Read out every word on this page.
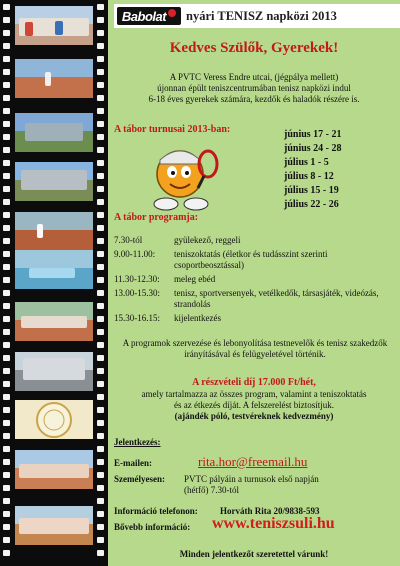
Babolat nyári TENISZ napközi 2013
Kedves Szülők, Gyerekek!
A PVTC Veress Endre utcai, (jégpálya mellett)
újonnan épült teniszcentrumában tenisz napközi indul
6-18 éves gyerekek számára, kezdők és haladók részére is.
A tábor turnusai 2013-ban:	június 17 - 21
június 24 - 28
július 1 - 5
július 8 - 12
július 15 - 19
július 22 - 26
A tábor programja:
7.30-tól	gyülekező, reggeli
9.00-11.00:	teniszoktatás (életkor és tudásszint szerinti csoportbeosztással)
11.30-12.30:	meleg ebéd
13.00-15.30:	tenisz, sportversenyek, vetélkedők, társasjáték, videózás, strandolás
15.30-16.15:	kijelentkezés
A programok szervezése és lebonyolítása testnevelők és tenisz szakedzők irányításával és felügyeletével történik.
A részvételi díj 17.000 Ft/hét,
amely tartalmazza az összes program, valamint a teniszoktatás
és az étkezés díját. A felszerelést biztosítjuk.
(ajándék póló, testvéreknek kedvezmény)
Jelentkezés:
E-mailen:	rita.hor@freemail.hu
Személyesen: PVTC pályáin a turnusok első napján
(hétfő) 7.30-tól
Információ telefonon: Horváth Rita 20/9838-593
Bővebb információ: www.teniszsuli.hu
Minden jelentkezőt szeretettel várunk!
